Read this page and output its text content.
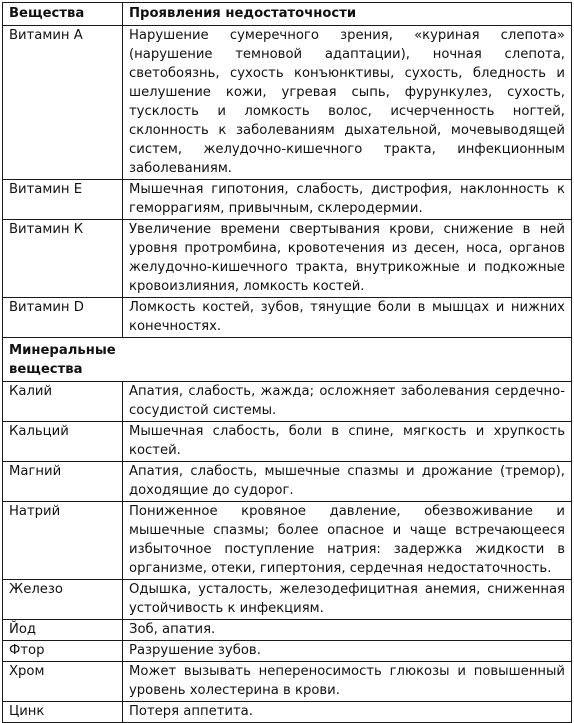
Вещества	Проявления недостаточности
Витамин A	Нарушение сумеречного зрения, «куриная слепота» (нарушение темновой адаптации), ночная слепота, светобоязнь, сухость конъюнктивы, сухость, бледность и шелушение кожи, угревая сыпь, фурункулез, сухость, тусклость и ломкость волос, исчерченность ногтей, склонность к заболеваниям дыхательной, мочевыводящей систем, желудочно-кишечного тракта, инфекционным заболеваниям.
Витамин E	Мышечная гипотония, слабость, дистрофия, наклонность к геморрагиям, привычным, склеродермии.
Витамин К	Увеличение времени свертывания крови, снижение в ней уровня протромбина, кровотечения из десен, носа, органов желудочно-кишечного тракта, внутрикожные и подкожные кровоизлияния, ломкость костей.
Витамин D	Ломкость костей, зубов, тянущие боли в мышцах и нижних конечностях.

Минеральные вещества	

Калий	Апатия, слабость, жажда; осложняет заболевания сердечно-сосудистой системы.
Кальций	Мышечная слабость, боли в спине, мягкость и хрупкость костей.
Магний	Апатия, слабость, мышечные спазмы и дрожание (тремор), доходящие до судорог.
Натрий	Пониженное кровяное давление, обезвоживание и мышечные спазмы; более опасное и чаще встречающееся избыточное поступление натрия: задержка жидкости в организме, отеки, гипертония, сердечная недостаточность.
Железо	Одышка, усталость, железодефицитная анемия, сниженная устойчивость к инфекциям.
Йод	Зоб, апатия.
Фтор	Разрушение зубов.
Хром	Может вызывать непереносимость глюкозы и повышенный уровень холестерина в крови.
Цинк	Потеря аппетита.
